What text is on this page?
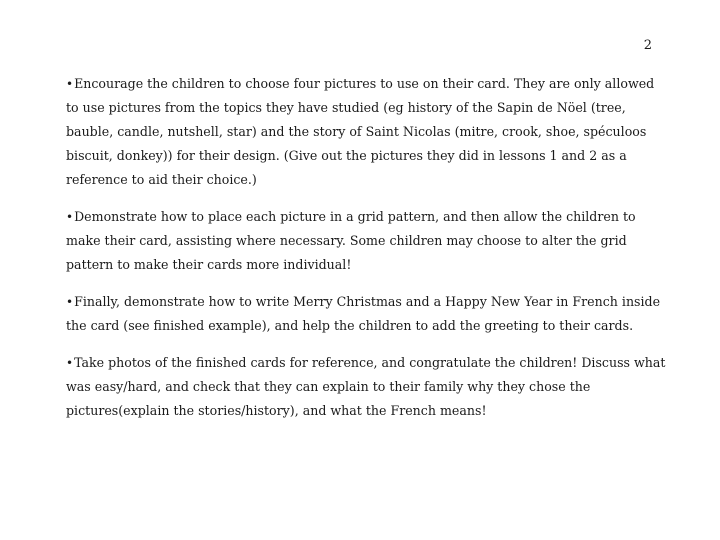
2

•Encourage the children to choose four pictures to use on their card. They are only allowed to use pictures from the topics they have studied (eg history of the Sapin de Nöel (tree, bauble, candle, nutshell, star) and the story of Saint Nicolas (mitre, crook, shoe, spéculoos biscuit, donkey)) for their design. (Give out the pictures they did in lessons 1 and 2 as a reference to aid their choice.)

•Demonstrate how to place each picture in a grid pattern, and then allow the children to make their card, assisting where necessary. Some children may choose to alter the grid pattern to make their cards more individual!

•Finally, demonstrate how to write Merry Christmas and a Happy New Year in French inside the card (see finished example), and help the children to add the greeting to their cards.

•Take photos of the finished cards for reference, and congratulate the children! Discuss what was easy/hard, and check that they can explain to their family why they chose the pictures(explain the stories/history), and what the French means!
